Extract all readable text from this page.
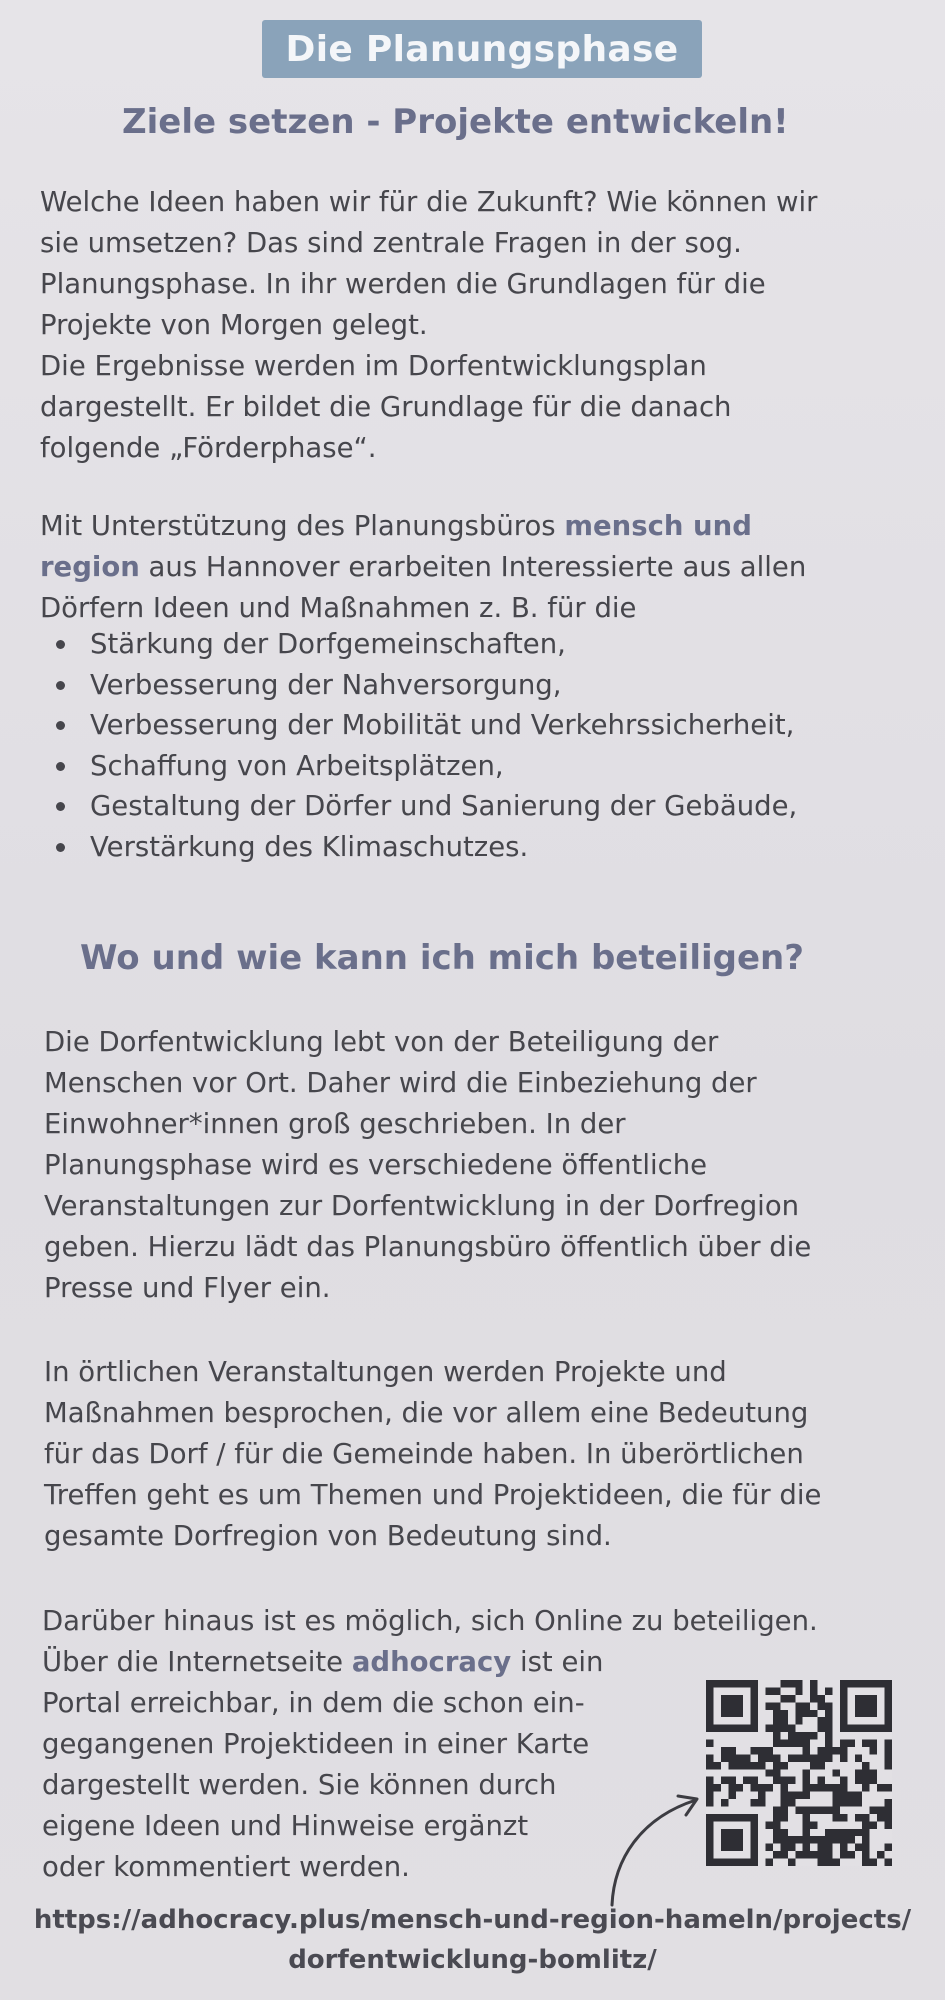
Die Planungsphase
Ziele setzen - Projekte entwickeln!

Welche Ideen haben wir für die Zukunft? Wie können wir
sie umsetzen? Das sind zentrale Fragen in der sog.
Planungsphase. In ihr werden die Grundlagen für die
Projekte von Morgen gelegt.
Die Ergebnisse werden im Dorfentwicklungsplan
dargestellt. Er bildet die Grundlage für die danach
folgende „Förderphase“.

Mit Unterstützung des Planungsbüros mensch und
region aus Hannover erarbeiten Interessierte aus allen
Dörfern Ideen und Maßnahmen z. B. für die

Stärkung der Dorfgemeinschaften,
Verbesserung der Nahversorgung,
Verbesserung der Mobilität und Verkehrssicherheit,
Schaffung von Arbeitsplätzen,
Gestaltung der Dörfer und Sanierung der Gebäude,
Verstärkung des Klimaschutzes.
Wo und wie kann ich mich beteiligen?

Die Dorfentwicklung lebt von der Beteiligung der
Menschen vor Ort. Daher wird die Einbeziehung der
Einwohner*innen groß geschrieben. In der
Planungsphase wird es verschiedene öffentliche
Veranstaltungen zur Dorfentwicklung in der Dorfregion
geben. Hierzu lädt das Planungsbüro öffentlich über die
Presse und Flyer ein.

In örtlichen Veranstaltungen werden Projekte und
Maßnahmen besprochen, die vor allem eine Bedeutung
für das Dorf / für die Gemeinde haben. In überörtlichen
Treffen geht es um Themen und Projektideen, die für die
gesamte Dorfregion von Bedeutung sind.

Darüber hinaus ist es möglich, sich Online zu beteiligen.

Über die Internetseite adhocracy ist ein
Portal erreichbar, in dem die schon ein-
gegangenen Projektideen in einer Karte
dargestellt werden. Sie können durch
eigene Ideen und Hinweise ergänzt
oder kommentiert werden.

https://adhocracy.plus/mensch-und-region-hameln/projects/
dorfentwicklung-bomlitz/
